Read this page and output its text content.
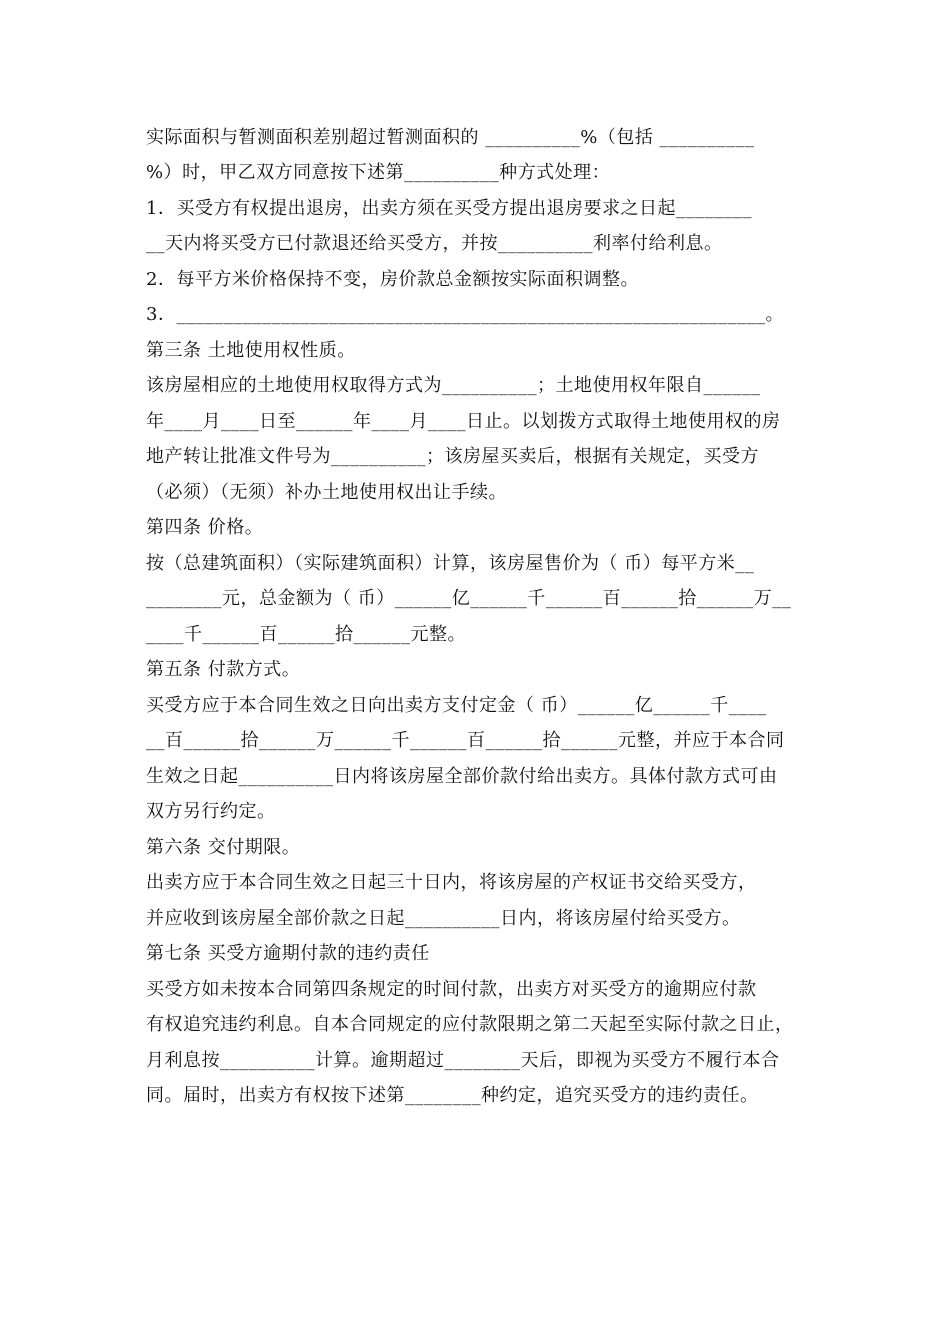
实际面积与暂测面积差别超过暂测面积的 __________%（包括 __________
%）时，甲乙双方同意按下述第__________种方式处理：
1．买受方有权提出退房，出卖方须在买受方提出退房要求之日起________
__天内将买受方已付款退还给买受方，并按__________利率付给利息。
2．每平方米价格保持不变，房价款总金额按实际面积调整。
3．______________________________________________________________。
第三条 土地使用权性质。
该房屋相应的土地使用权取得方式为__________；土地使用权年限自______
年____月____日至______年____月____日止。以划拨方式取得土地使用权的房
地产转让批准文件号为__________；该房屋买卖后，根据有关规定，买受方
（必须）（无须）补办土地使用权出让手续。
第四条 价格。
按（总建筑面积）（实际建筑面积）计算，该房屋售价为（ 币）每平方米__
________元，总金额为（ 币）______亿______千______百______拾______万__
____千______百______拾______元整。
第五条 付款方式。
买受方应于本合同生效之日向出卖方支付定金（ 币）______亿______千____
__百______拾______万______千______百______拾______元整，并应于本合同
生效之日起__________日内将该房屋全部价款付给出卖方。具体付款方式可由
双方另行约定。
第六条 交付期限。
出卖方应于本合同生效之日起三十日内，将该房屋的产权证书交给买受方，
并应收到该房屋全部价款之日起__________日内，将该房屋付给买受方。
第七条 买受方逾期付款的违约责任
买受方如未按本合同第四条规定的时间付款，出卖方对买受方的逾期应付款
有权追究违约利息。自本合同规定的应付款限期之第二天起至实际付款之日止，
月利息按__________计算。逾期超过________天后，即视为买受方不履行本合
同。届时，出卖方有权按下述第________种约定，追究买受方的违约责任。
